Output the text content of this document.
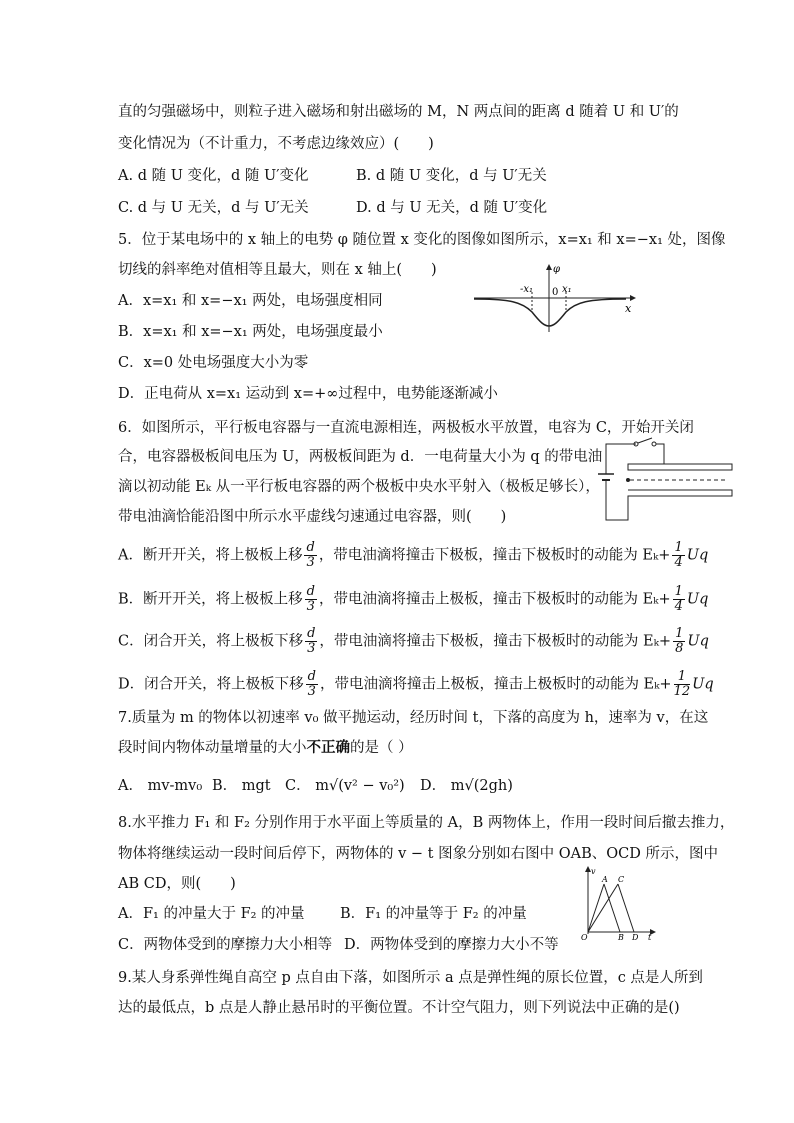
直的匀强磁场中，则粒子进入磁场和射出磁场的 M，N 两点间的距离 d 随着 U 和 U′的
变化情况为（不计重力，不考虑边缘效应）(　　)
A. d 随 U 变化，d 随 U′变化	B. d 随 U 变化，d 与 U′无关
C. d 与 U 无关，d 与 U′无关	D. d 与 U 无关，d 随 U′变化
5．位于某电场中的 x 轴上的电势 φ 随位置 x 变化的图像如图所示，x=x₁ 和 x=−x₁ 处，图像
切线的斜率绝对值相等且最大，则在 x 轴上(　　)
A．x=x₁ 和 x=−x₁ 两处，电场强度相同
B．x=x₁ 和 x=−x₁ 两处，电场强度最小
C．x=0 处电场强度大小为零
D．正电荷从 x=x₁ 运动到 x=+∞过程中，电势能逐渐减小
φ
x
0
-x₁	x₁
6．如图所示，平行板电容器与一直流电源相连，两极板水平放置，电容为 C，开始开关闭
合，电容器极板间电压为 U，两极板间距为 d．一电荷量大小为 q 的带电油
滴以初动能 Eₖ 从一平行板电容器的两个极板中央水平射入（极板足够长），
带电油滴恰能沿图中所示水平虚线匀速通过电容器，则(　　)
A．断开开关，将上极板上移 $\frac{d}{3}$ ，带电油滴将撞击下极板，撞击下极板时的动能为 $E_k+ \frac{1}{4}$ Uq
B．断开开关，将上极板上移 $\frac{d}{3}$ ，带电油滴将撞击上极板，撞击下极板时的动能为 $E_k+ \frac{1}{4}$ Uq
C．闭合开关，将上极板下移 $\frac{d}{3}$ ，带电油滴将撞击下极板，撞击下极板时的动能为 $E_k+ \frac{1}{8}$ Uq
D．闭合开关，将上极板下移 $\frac{d}{3}$ ，带电油滴将撞击上极板，撞击上极板时的动能为 $E_k+ \frac{1}{12}$ Uq
7.质量为 m 的物体以初速率 v₀ 做平抛运动，经历时间 t，下落的高度为 h，速率为 v，在这
段时间内物体动量增量的大小不正确的是（ ）
A． mv-mv₀ B． mgt C． m√(v² − v₀²) D． m√(2gh)
8.水平推力 F₁ 和 F₂ 分别作用于水平面上等质量的 A，B 两物体上，作用一段时间后撤去推力，
物体将继续运动一段时间后停下，两物体的 v − t 图象分别如右图中 OAB、OCD 所示，图中
AB CD，则(　　)
A．F₁ 的冲量大于 F₂ 的冲量 B．F₁ 的冲量等于 F₂ 的冲量
C．两物体受到的摩擦力大小相等 D．两物体受到的摩擦力大小不等
v
t
O
A C
B D
9.某人身系弹性绳自高空 p 点自由下落，如图所示 a 点是弹性绳的原长位置，c 点是人所到
达的最低点，b 点是人静止悬吊时的平衡位置。不计空气阻力，则下列说法中正确的是()
